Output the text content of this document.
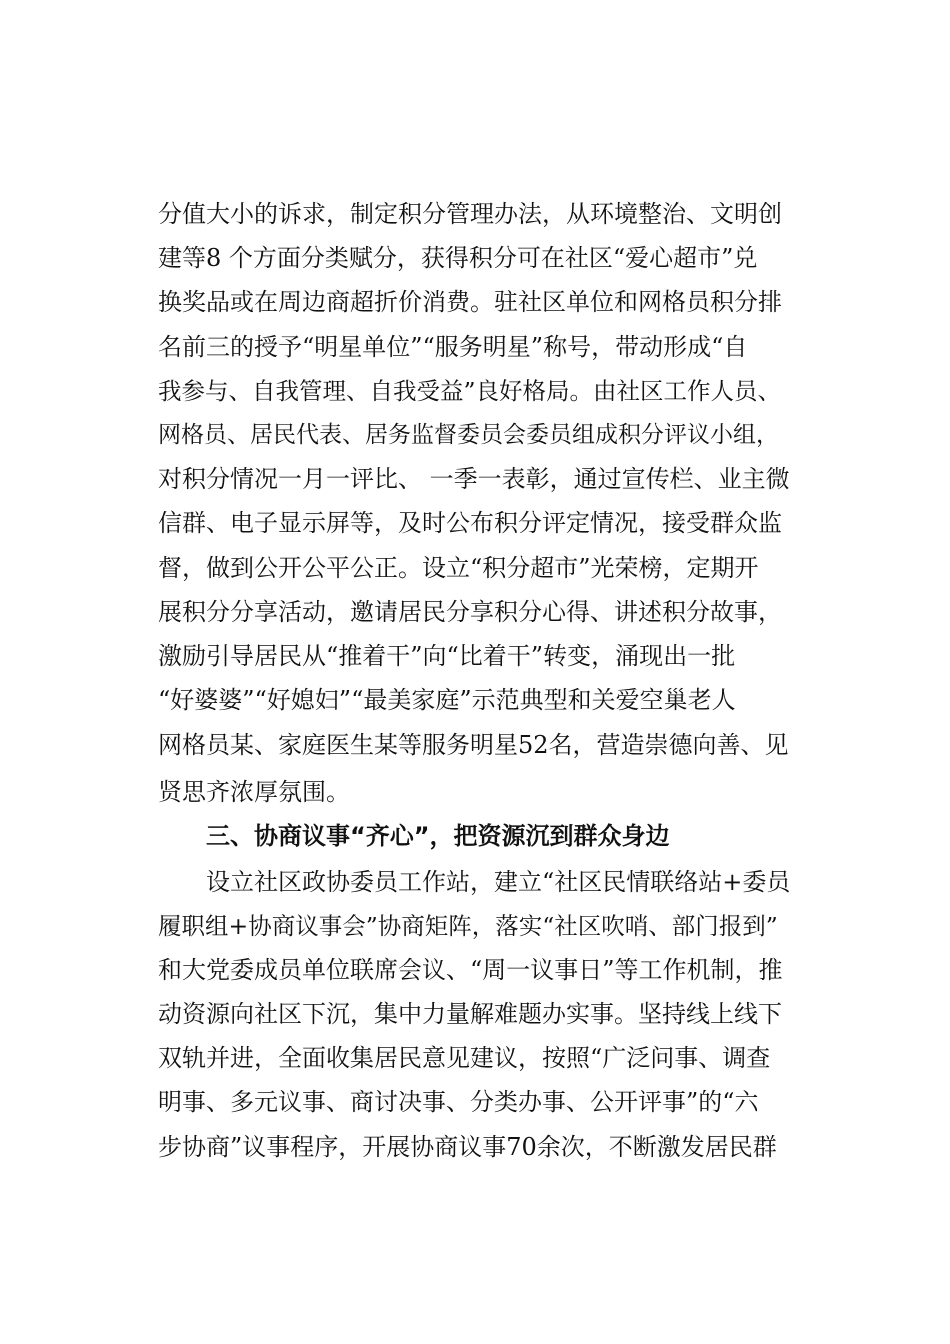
分值大小的诉求，制定积分管理办法，从环境整治、文明创
建等8 个方面分类赋分，获得积分可在社区“爱心超市”兑
换奖品或在周边商超折价消费。驻社区单位和网格员积分排
名前三的授予“明星单位”“服务明星”称号，带动形成“自
我参与、自我管理、自我受益”良好格局。由社区工作人员、
网格员、居民代表、居务监督委员会委员组成积分评议小组，
对积分情况一月一评比、 一季一表彰，通过宣传栏、业主微
信群、电子显示屏等，及时公布积分评定情况，接受群众监
督，做到公开公平公正。设立“积分超市”光荣榜，定期开
展积分分享活动，邀请居民分享积分心得、讲述积分故事，
激励引导居民从“推着干”向“比着干”转变，涌现出一批
“好婆婆”“好媳妇”“最美家庭”示范典型和关爱空巢老人
网格员某、家庭医生某等服务明星52名，营造崇德向善、见
贤思齐浓厚氛围。
三、协商议事“齐心”，把资源沉到群众身边
设立社区政协委员工作站，建立“社区民情联络站+委员
履职组+协商议事会”协商矩阵，落实“社区吹哨、部门报到”
和大党委成员单位联席会议、“周一议事日”等工作机制，推
动资源向社区下沉，集中力量解难题办实事。坚持线上线下
双轨并进，全面收集居民意见建议，按照“广泛问事、调查
明事、多元议事、商讨决事、分类办事、公开评事”的“六
步协商”议事程序，开展协商议事70余次，不断激发居民群
